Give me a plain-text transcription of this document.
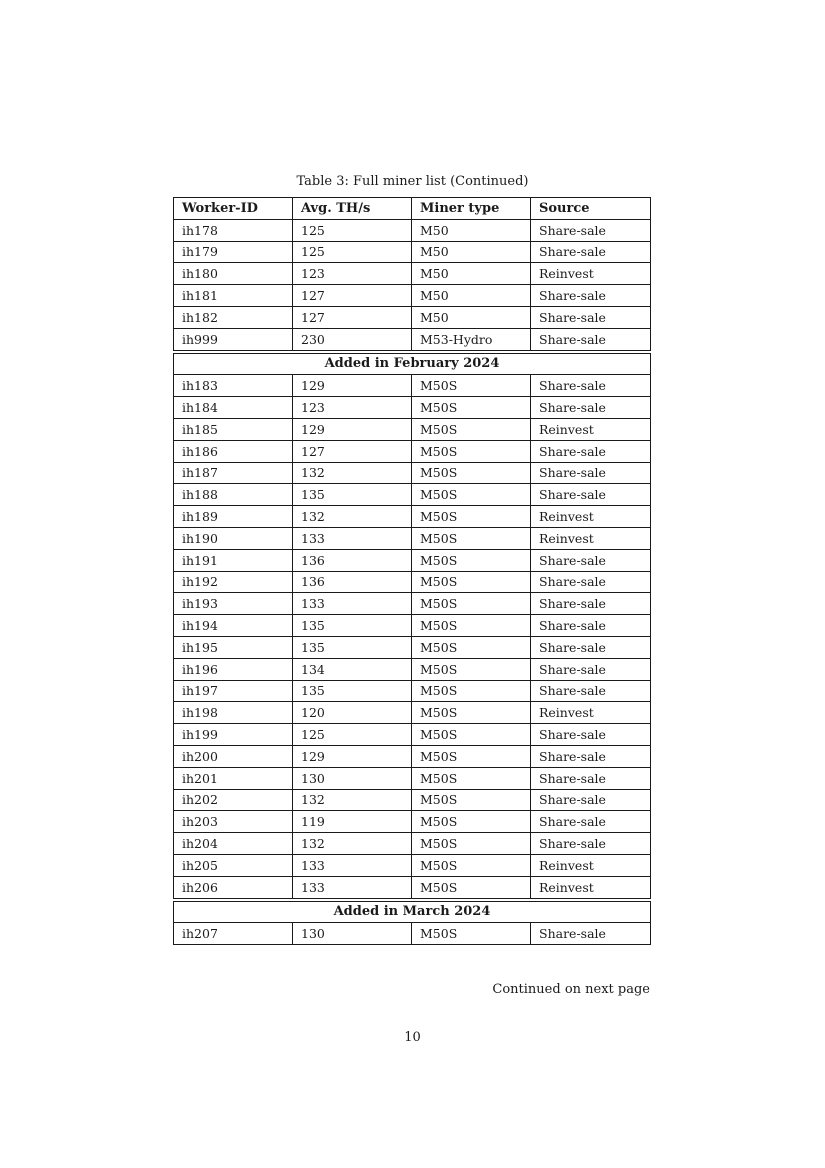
Table 3: Full miner list (Continued)
Worker-ID	Avg. TH/s	Miner type	Source
ih178	125	M50	Share-sale
ih179	125	M50	Share-sale
ih180	123	M50	Reinvest
ih181	127	M50	Share-sale
ih182	127	M50	Share-sale
ih999	230	M53-Hydro	Share-sale

Added in February 2024			
ih183	129	M50S	Share-sale
ih184	123	M50S	Share-sale
ih185	129	M50S	Reinvest
ih186	127	M50S	Share-sale
ih187	132	M50S	Share-sale
ih188	135	M50S	Share-sale
ih189	132	M50S	Reinvest
ih190	133	M50S	Reinvest
ih191	136	M50S	Share-sale
ih192	136	M50S	Share-sale
ih193	133	M50S	Share-sale
ih194	135	M50S	Share-sale
ih195	135	M50S	Share-sale
ih196	134	M50S	Share-sale
ih197	135	M50S	Share-sale
ih198	120	M50S	Reinvest
ih199	125	M50S	Share-sale
ih200	129	M50S	Share-sale
ih201	130	M50S	Share-sale
ih202	132	M50S	Share-sale
ih203	119	M50S	Share-sale
ih204	132	M50S	Share-sale
ih205	133	M50S	Reinvest
ih206	133	M50S	Reinvest

Added in March 2024			
ih207	130	M50S	Share-sale
Continued on next page
10
